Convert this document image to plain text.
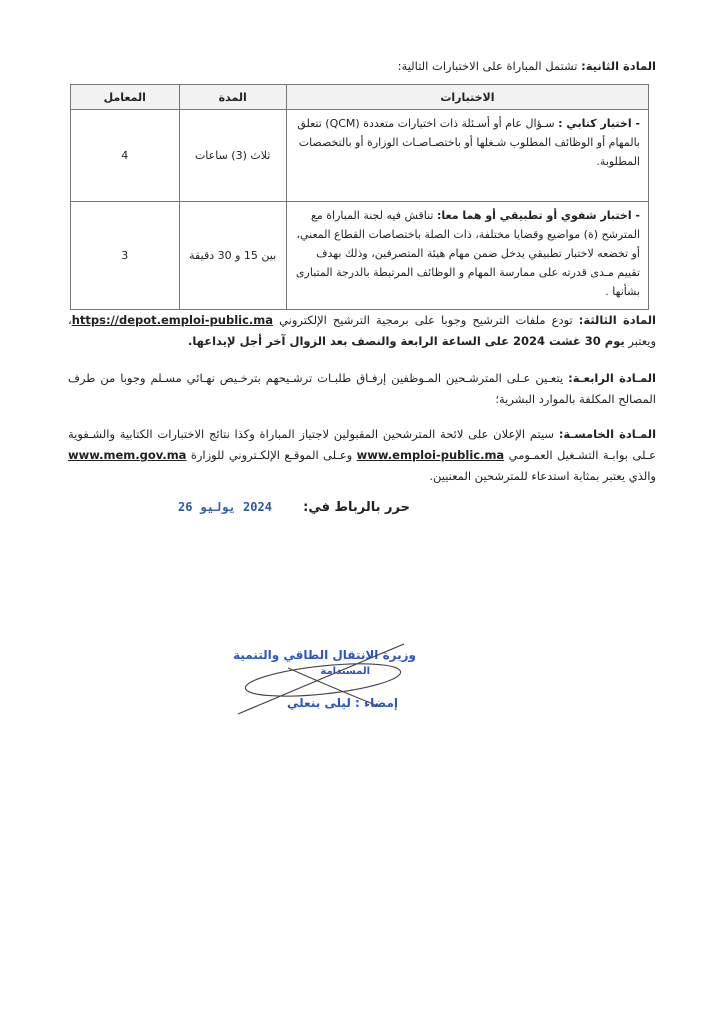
المادة الثانية: تشتمل المباراة على الاختبارات التالية:
الاختبارات	المدة	المعامل
- اختبار كتابي : سـؤال عام أو أسـئلة ذات اختيارات متعددة (QCM) تتعلق بالمهام أو الوظائف المطلوب شـغلها أو باختصـاصـات الوزارة أو بالتخصصات المطلوبة.	ثلاث (3) ساعات	4
- اختبار شفوي أو تطبيقي أو هما معا: تناقش فيه لجنة المباراة مع المترشح (ة) مواضيع وقضايا مختلفة، ذات الصلة باختصاصات القطاع المعني، أو تخضعه لاختبار تطبيقي يدخل ضمن مهام هيئة المتصرفين، وذلك بهدف تقييم مـدى قدرته على ممارسة المهام و الوظائف المرتبطة بالدرجة المتبارى بشأنها .	بين 15 و 30 دقيقة	3
المادة الثالثة: تودع ملفات الترشيح وجوبا على برمجية الترشيح الإلكتروني https://depot.emploi-public.ma، ويعتبر يوم 30 غشت 2024 على الساعة الرابعة والنصف بعد الزوال آخر أجل لإيداعها.
المـادة الرابعـة: يتعـين عـلى المترشـحين المـوظفين إرفـاق طلبـات ترشـيحهم بترخـيص نهـائي مسـلم وجوبا من طرف المصالح المكلفة بالموارد البشرية؛
المـادة الخامسـة: سيتم الإعلان على لائحة المترشحين المقبولين لاجتياز المباراة وكذا نتائج الاختبارات الكتابية والشـفوية عـلى بوابـة التشـغيل العمـومي www.emploi-public.ma وعـلى الموقـع الإلكـتروني للوزارة www.mem.gov.ma والذي يعتبر بمثابة استدعاء للمترشحين المعنيين.
حرر بالرباط في:
2024 يوليو 26
وزيرة الانتقال الطاقي والتنمية
المستدامة
إمضاء : ليلى بنعلي
